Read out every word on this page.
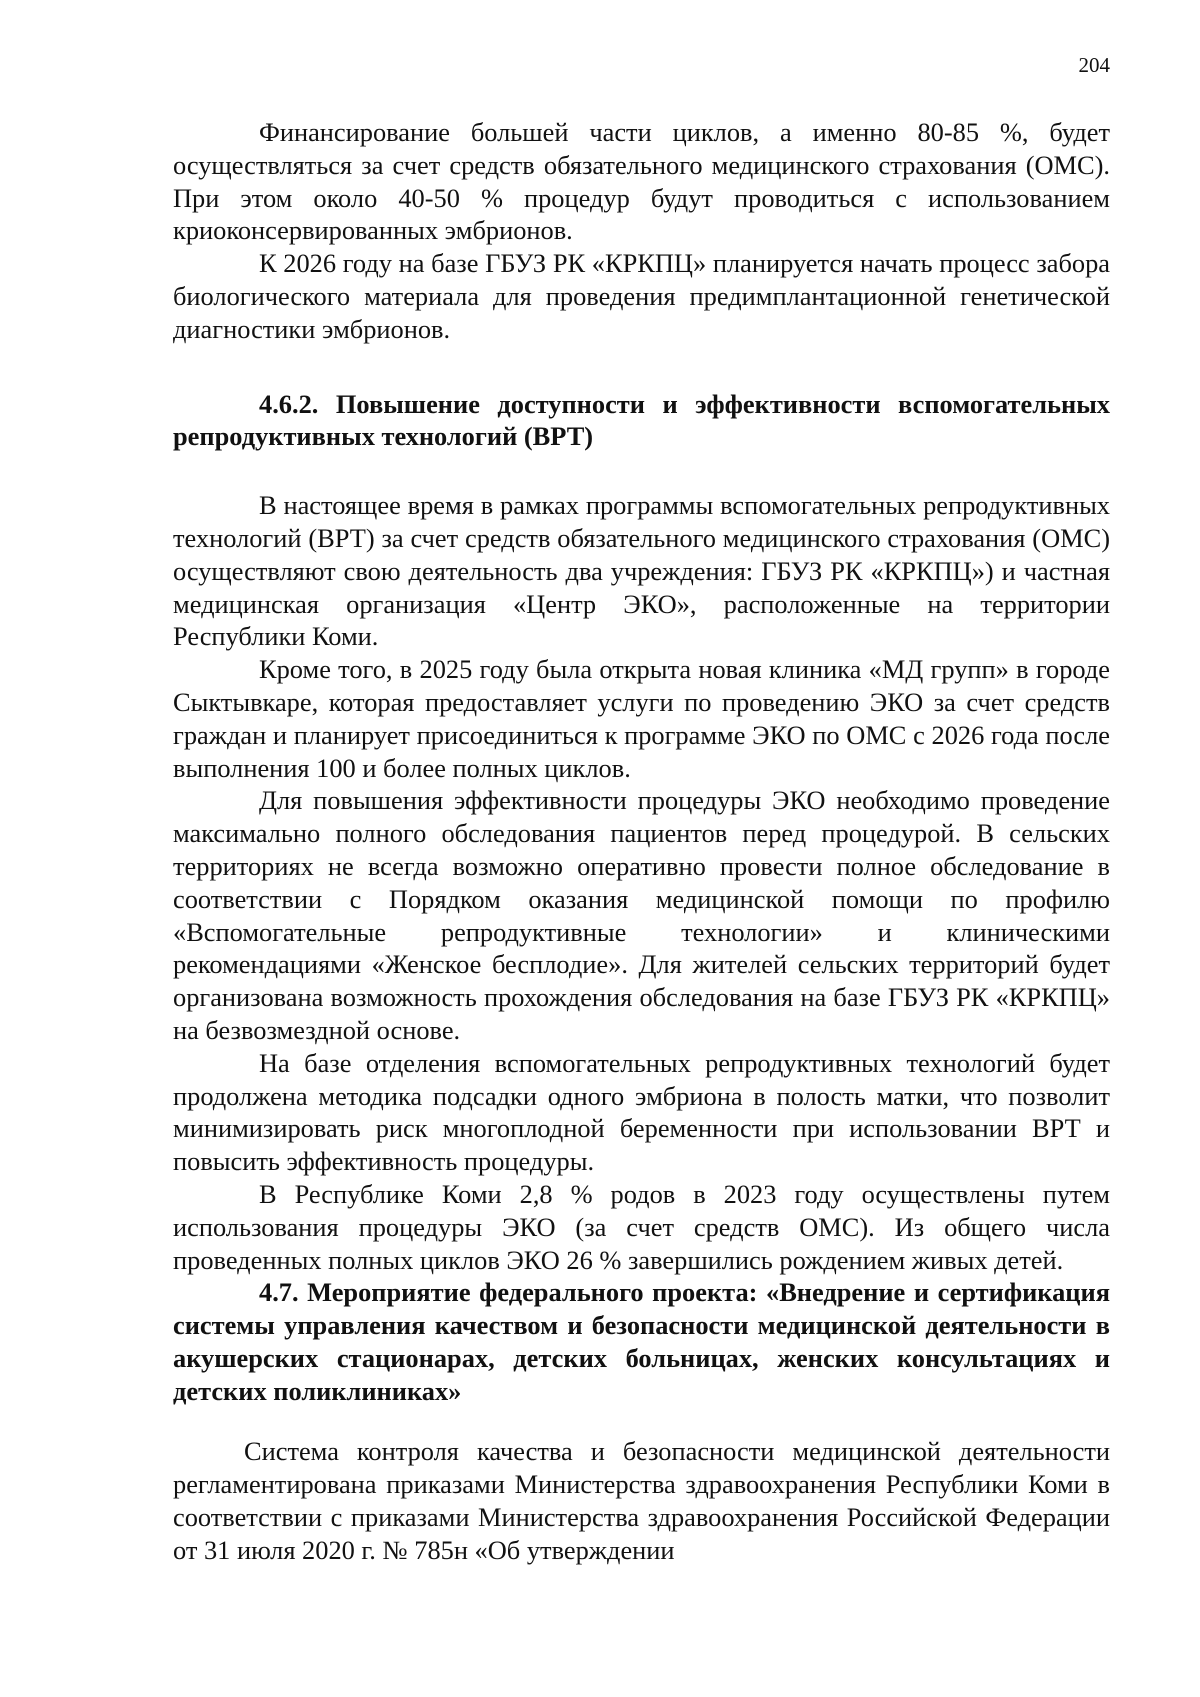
204

Финансирование большей части циклов, а именно 80-85 %, будет осуществляться за счет средств обязательного медицинского страхования (ОМС). При этом около 40-50 % процедур будут проводиться с использованием криоконсервированных эмбрионов.

К 2026 году на базе ГБУЗ РК «КРКПЦ» планируется начать процесс забора биологического материала для проведения предимплантационной генетической диагностики эмбрионов.

4.6.2. Повышение доступности и эффективности вспомогательных репродуктивных технологий (ВРТ)

В настоящее время в рамках программы вспомогательных репродуктивных технологий (ВРТ) за счет средств обязательного медицинского страхования (ОМС) осуществляют свою деятельность два учреждения: ГБУЗ РК «КРКПЦ») и частная медицинская организация «Центр ЭКО», расположенные на территории Республики Коми.

Кроме того, в 2025 году была открыта новая клиника «МД групп» в городе Сыктывкаре, которая предоставляет услуги по проведению ЭКО за счет средств граждан и планирует присоединиться к программе ЭКО по ОМС с 2026 года после выполнения 100 и более полных циклов.

Для повышения эффективности процедуры ЭКО необходимо проведение максимально полного обследования пациентов перед процедурой. В сельских территориях не всегда возможно оперативно провести полное обследование в соответствии с Порядком оказания медицинской помощи по профилю «Вспомогательные репродуктивные технологии» и клиническими рекомендациями «Женское бесплодие». Для жителей сельских территорий будет организована возможность прохождения обследования на базе ГБУЗ РК «КРКПЦ» на безвозмездной основе.

На базе отделения вспомогательных репродуктивных технологий будет продолжена методика подсадки одного эмбриона в полость матки, что позволит минимизировать риск многоплодной беременности при использовании ВРТ и повысить эффективность процедуры.

В Республике Коми 2,8 % родов в 2023 году осуществлены путем использования процедуры ЭКО (за счет средств ОМС). Из общего числа проведенных полных циклов ЭКО 26 % завершились рождением живых детей.

4.7. Мероприятие федерального проекта: «Внедрение и сертификация системы управления качеством и безопасности медицинской деятельности в акушерских стационарах, детских больницах, женских консультациях и детских поликлиниках»

Система контроля качества и безопасности медицинской деятельности регламентирована приказами Министерства здравоохранения Республики Коми в соответствии с приказами Министерства здравоохранения Российской Федерации от 31 июля 2020 г. № 785н «Об утверждении
